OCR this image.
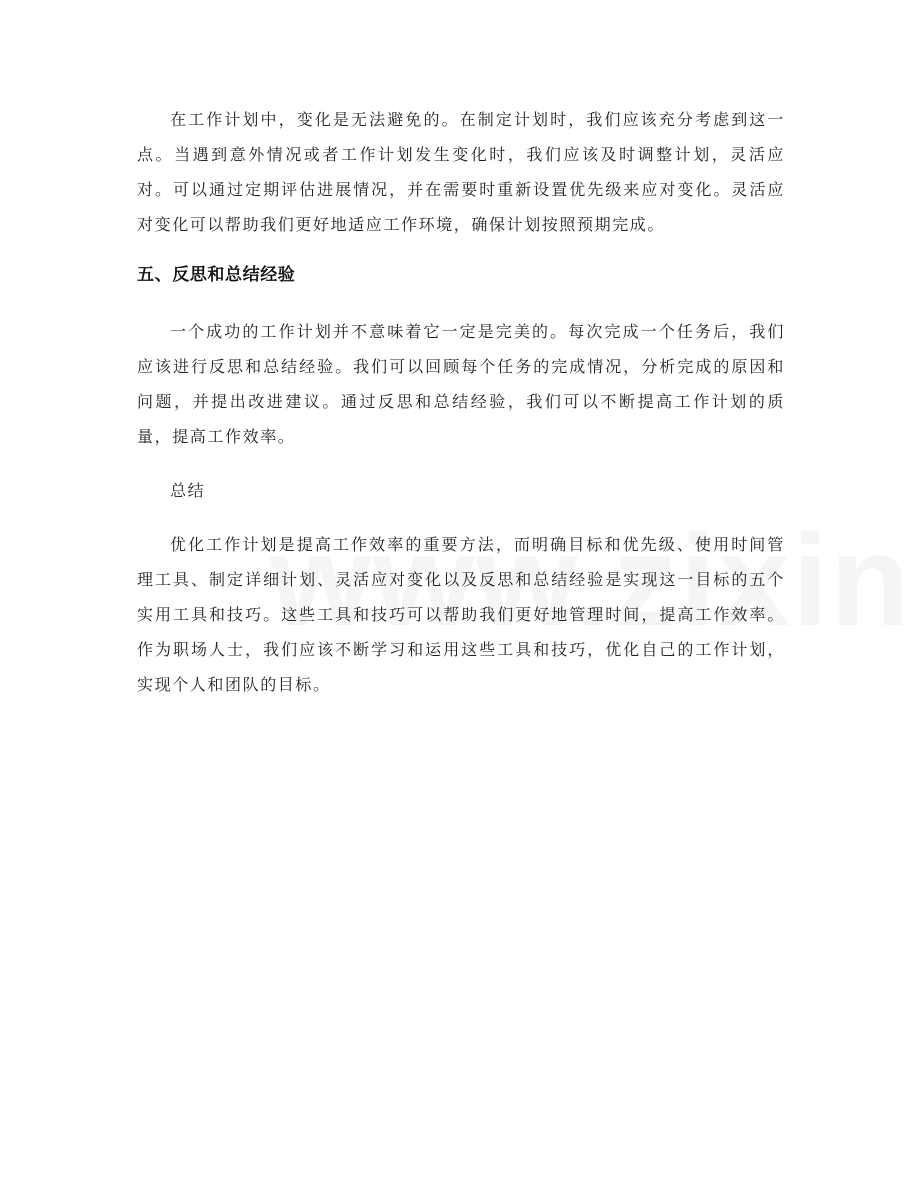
在工作计划中，变化是无法避免的。在制定计划时，我们应该充分考虑到这一点。当遇到意外情况或者工作计划发生变化时，我们应该及时调整计划，灵活应对。可以通过定期评估进展情况，并在需要时重新设置优先级来应对变化。灵活应对变化可以帮助我们更好地适应工作环境，确保计划按照预期完成。

五、反思和总结经验

一个成功的工作计划并不意味着它一定是完美的。每次完成一个任务后，我们应该进行反思和总结经验。我们可以回顾每个任务的完成情况，分析完成的原因和问题，并提出改进建议。通过反思和总结经验，我们可以不断提高工作计划的质量，提高工作效率。

总结

优化工作计划是提高工作效率的重要方法，而明确目标和优先级、使用时间管理工具、制定详细计划、灵活应对变化以及反思和总结经验是实现这一目标的五个实用工具和技巧。这些工具和技巧可以帮助我们更好地管理时间，提高工作效率。作为职场人士，我们应该不断学习和运用这些工具和技巧，优化自己的工作计划，实现个人和团队的目标。
